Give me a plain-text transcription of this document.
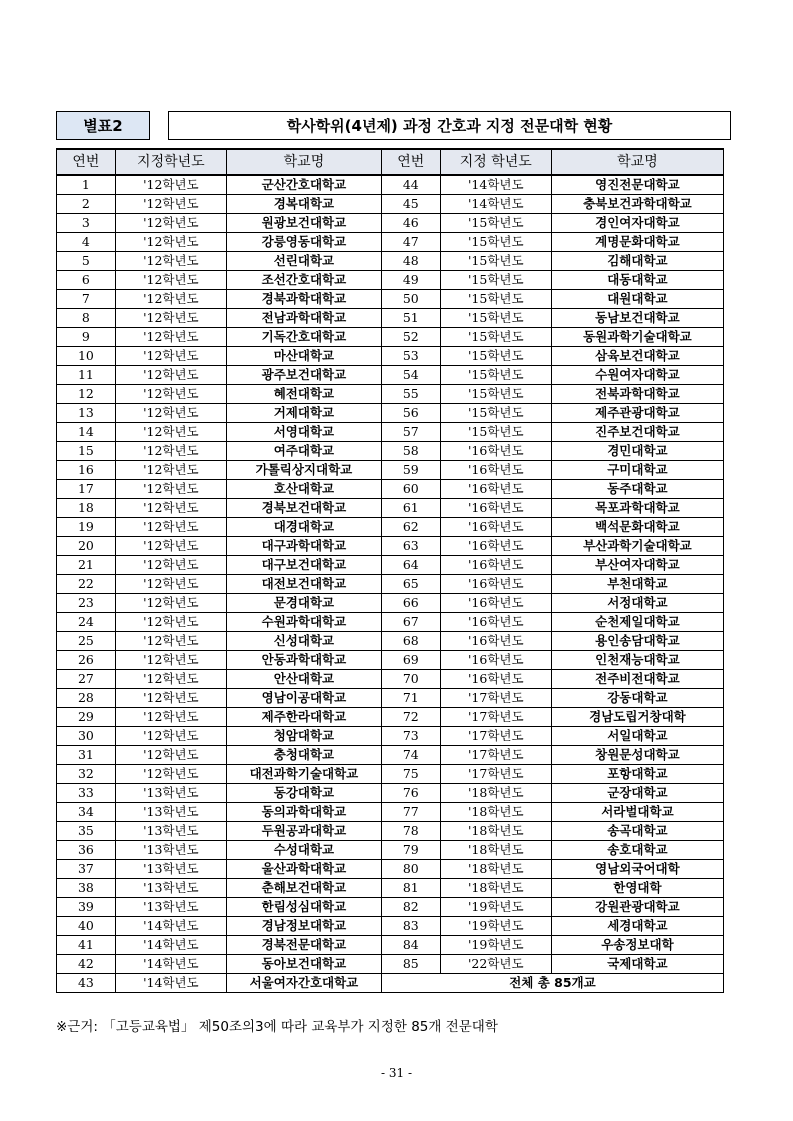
별표2	학사학위(4년제) 과정 간호과 지정 전문대학 현황
연번	지정학년도	학교명	연번	지정 학년도	학교명
1	'12학년도	군산간호대학교	44	'14학년도	영진전문대학교
2	'12학년도	경복대학교	45	'14학년도	충북보건과학대학교
3	'12학년도	원광보건대학교	46	'15학년도	경인여자대학교
4	'12학년도	강릉영동대학교	47	'15학년도	계명문화대학교
5	'12학년도	선린대학교	48	'15학년도	김해대학교
6	'12학년도	조선간호대학교	49	'15학년도	대동대학교
7	'12학년도	경북과학대학교	50	'15학년도	대원대학교
8	'12학년도	전남과학대학교	51	'15학년도	동남보건대학교
9	'12학년도	기독간호대학교	52	'15학년도	동원과학기술대학교
10	'12학년도	마산대학교	53	'15학년도	삼육보건대학교
11	'12학년도	광주보건대학교	54	'15학년도	수원여자대학교
12	'12학년도	혜전대학교	55	'15학년도	전북과학대학교
13	'12학년도	거제대학교	56	'15학년도	제주관광대학교
14	'12학년도	서영대학교	57	'15학년도	진주보건대학교
15	'12학년도	여주대학교	58	'16학년도	경민대학교
16	'12학년도	가톨릭상지대학교	59	'16학년도	구미대학교
17	'12학년도	호산대학교	60	'16학년도	동주대학교
18	'12학년도	경북보건대학교	61	'16학년도	목포과학대학교
19	'12학년도	대경대학교	62	'16학년도	백석문화대학교
20	'12학년도	대구과학대학교	63	'16학년도	부산과학기술대학교
21	'12학년도	대구보건대학교	64	'16학년도	부산여자대학교
22	'12학년도	대전보건대학교	65	'16학년도	부천대학교
23	'12학년도	문경대학교	66	'16학년도	서정대학교
24	'12학년도	수원과학대학교	67	'16학년도	순천제일대학교
25	'12학년도	신성대학교	68	'16학년도	용인송담대학교
26	'12학년도	안동과학대학교	69	'16학년도	인천재능대학교
27	'12학년도	안산대학교	70	'16학년도	전주비전대학교
28	'12학년도	영남이공대학교	71	'17학년도	강동대학교
29	'12학년도	제주한라대학교	72	'17학년도	경남도립거창대학
30	'12학년도	청암대학교	73	'17학년도	서일대학교
31	'12학년도	충청대학교	74	'17학년도	창원문성대학교
32	'12학년도	대전과학기술대학교	75	'17학년도	포항대학교
33	'13학년도	동강대학교	76	'18학년도	군장대학교
34	'13학년도	동의과학대학교	77	'18학년도	서라벌대학교
35	'13학년도	두원공과대학교	78	'18학년도	송곡대학교
36	'13학년도	수성대학교	79	'18학년도	송호대학교
37	'13학년도	울산과학대학교	80	'18학년도	영남외국어대학
38	'13학년도	춘해보건대학교	81	'18학년도	한영대학
39	'13학년도	한림성심대학교	82	'19학년도	강원관광대학교
40	'14학년도	경남정보대학교	83	'19학년도	세경대학교
41	'14학년도	경북전문대학교	84	'19학년도	우송정보대학
42	'14학년도	동아보건대학교	85	'22학년도	국제대학교
43	'14학년도	서울여자간호대학교	전체 총 85개교		
※근거: 「고등교육법」 제50조의3에 따라 교육부가 지정한 85개 전문대학
- 31 -
